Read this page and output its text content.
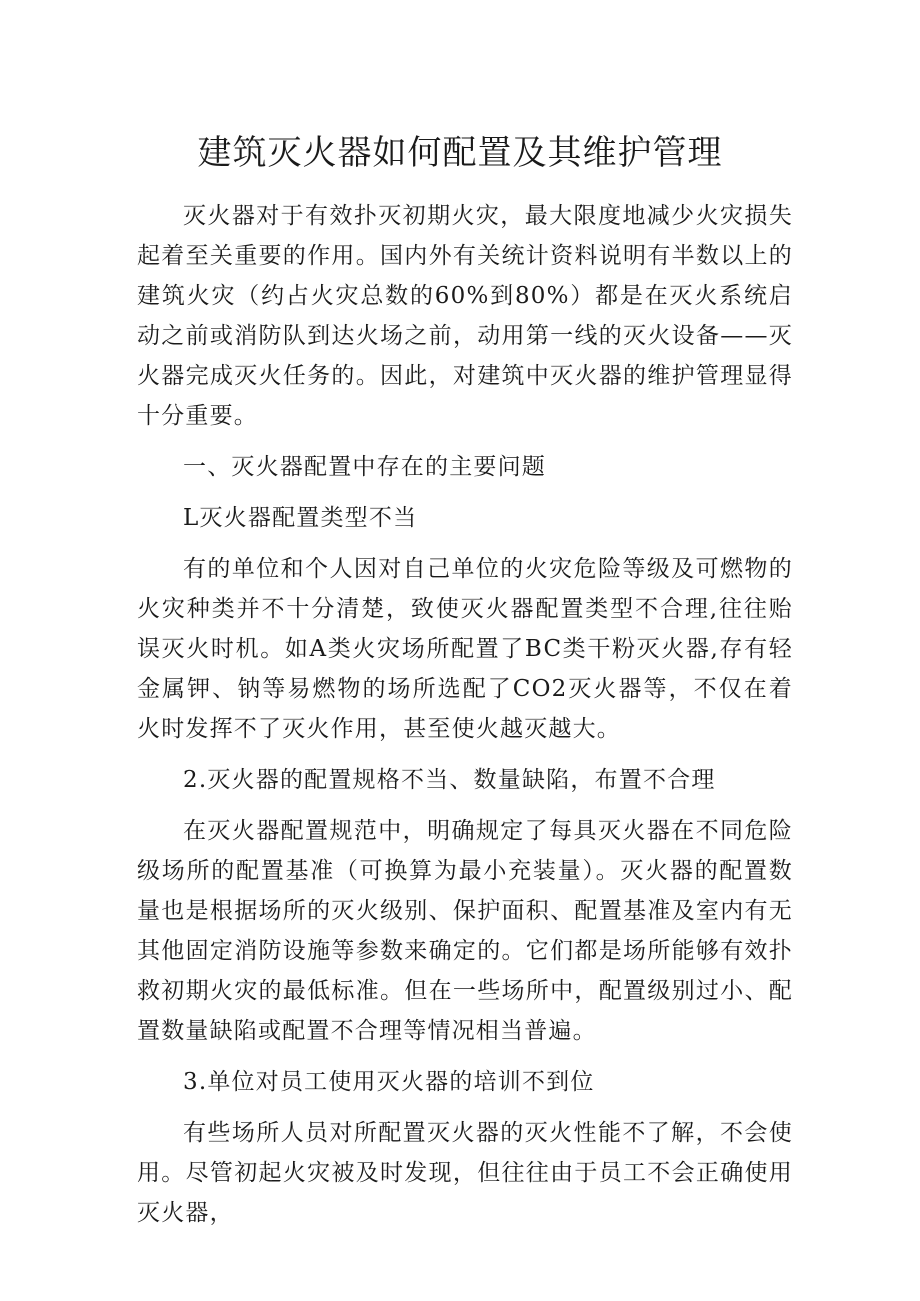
建筑灭火器如何配置及其维护管理

灭火器对于有效扑灭初期火灾，最大限度地减少火灾损失起着至关重要的作用。国内外有关统计资料说明有半数以上的建筑火灾（约占火灾总数的60%到80%）都是在灭火系统启动之前或消防队到达火场之前，动用第一线的灭火设备——灭火器完成灭火任务的。因此，对建筑中灭火器的维护管理显得十分重要。

一、灭火器配置中存在的主要问题

L灭火器配置类型不当

有的单位和个人因对自己单位的火灾危险等级及可燃物的火灾种类并不十分清楚，致使灭火器配置类型不合理,往往贻误灭火时机。如A类火灾场所配置了BC类干粉灭火器,存有轻金属钾、钠等易燃物的场所选配了CO2灭火器等，不仅在着火时发挥不了灭火作用，甚至使火越灭越大。

2.灭火器的配置规格不当、数量缺陷，布置不合理

在灭火器配置规范中，明确规定了每具灭火器在不同危险级场所的配置基准（可换算为最小充装量）。灭火器的配置数量也是根据场所的灭火级别、保护面积、配置基准及室内有无其他固定消防设施等参数来确定的。它们都是场所能够有效扑救初期火灾的最低标准。但在一些场所中，配置级别过小、配置数量缺陷或配置不合理等情况相当普遍。

3.单位对员工使用灭火器的培训不到位

有些场所人员对所配置灭火器的灭火性能不了解，不会使用。尽管初起火灾被及时发现，但往往由于员工不会正确使用灭火器，
